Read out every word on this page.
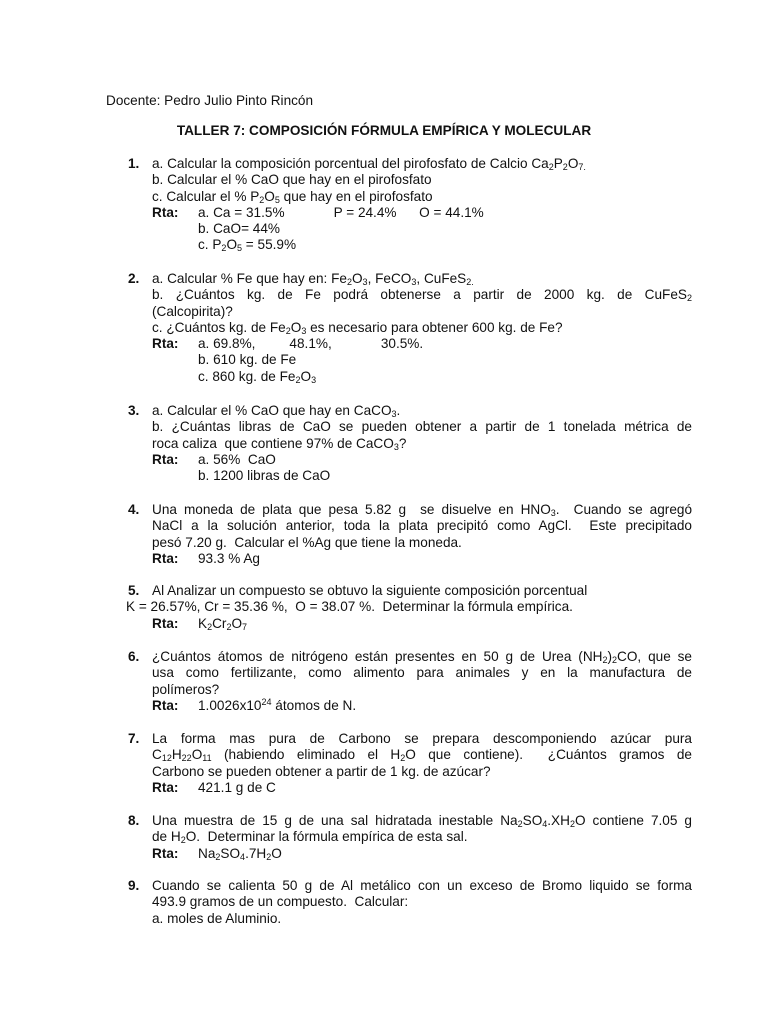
Docente: Pedro Julio Pinto Rincón
TALLER 7: COMPOSICIÓN FÓRMULA EMPÍRICA Y MOLECULAR
1. a. Calcular la composición porcentual del pirofosfato de Calcio $Ca_2P_2O_{7.}$
b. Calcular el % CaO que hay en el pirofosfato
c. Calcular el % $P_2O_5$ que hay en el pirofosfato
Rta: a. Ca = 31.5%             P = 24.4%      O = 44.1%
b. CaO= 44%
c. $P_2O_5 = 55.9\%$
2. a. Calcular % Fe que hay en: $Fe_2O_3$, FeCO$_3$, CuFeS$_{2.}$
b. ¿Cuántos kg. de Fe podrá obtenerse a partir de 2000 kg. de CuFeS$_2$
(Calcopirita)?
c. ¿Cuántos kg. de $Fe_2O_3$ es necesario para obtener 600 kg. de Fe?
Rta: a. 69.8%,         48.1%,             30.5%.
b. 610 kg. de Fe
c. 860 kg. de $Fe_2O_3$
3. a. Calcular el % CaO que hay en CaCO$_3$.
b. ¿Cuántas libras de CaO se pueden obtener a partir de 1 tonelada métrica de
roca caliza  que contiene 97% de CaCO$_3$?
Rta: a. 56%  CaO
b. 1200 libras de CaO
4. Una moneda de plata que pesa 5.82 g  se disuelve en $HNO_3$.  Cuando se agregó
NaCl a la solución anterior, toda la plata precipitó como AgCl.  Este precipitado
pesó 7.20 g.  Calcular el %Ag que tiene la moneda.
Rta: 93.3 % Ag
5. Al Analizar un compuesto se obtuvo la siguiente composición porcentual
K = 26.57%, Cr = 35.36 %,  O = 38.07 %.  Determinar la fórmula empírica.
Rta: $K_2Cr_2O_7$
6. ¿Cuántos átomos de nitrógeno están presentes en 50 g de Urea $(NH_2)_2CO$, que se
usa como fertilizante, como alimento para animales y en la manufactura de
polímeros?
Rta: $1.0026x10^{24}$ átomos de N.
7. La forma mas pura de Carbono se prepara descomponiendo azúcar pura
$C_{12}H_{22}O_{11}$ (habiendo eliminado el $H_2O$ que contiene).  ¿Cuántos gramos de
Carbono se pueden obtener a partir de 1 kg. de azúcar?
Rta: 421.1 g de C
8. Una muestra de 15 g de una sal hidratada inestable $Na_2SO_4.XH_2O$ contiene 7.05 g
de $H_2O$.  Determinar la fórmula empírica de esta sal.
Rta: $Na_2SO_4.7H_2O$
9. Cuando se calienta 50 g de Al metálico con un exceso de Bromo liquido se forma
493.9 gramos de un compuesto.  Calcular:
a. moles de Aluminio.
